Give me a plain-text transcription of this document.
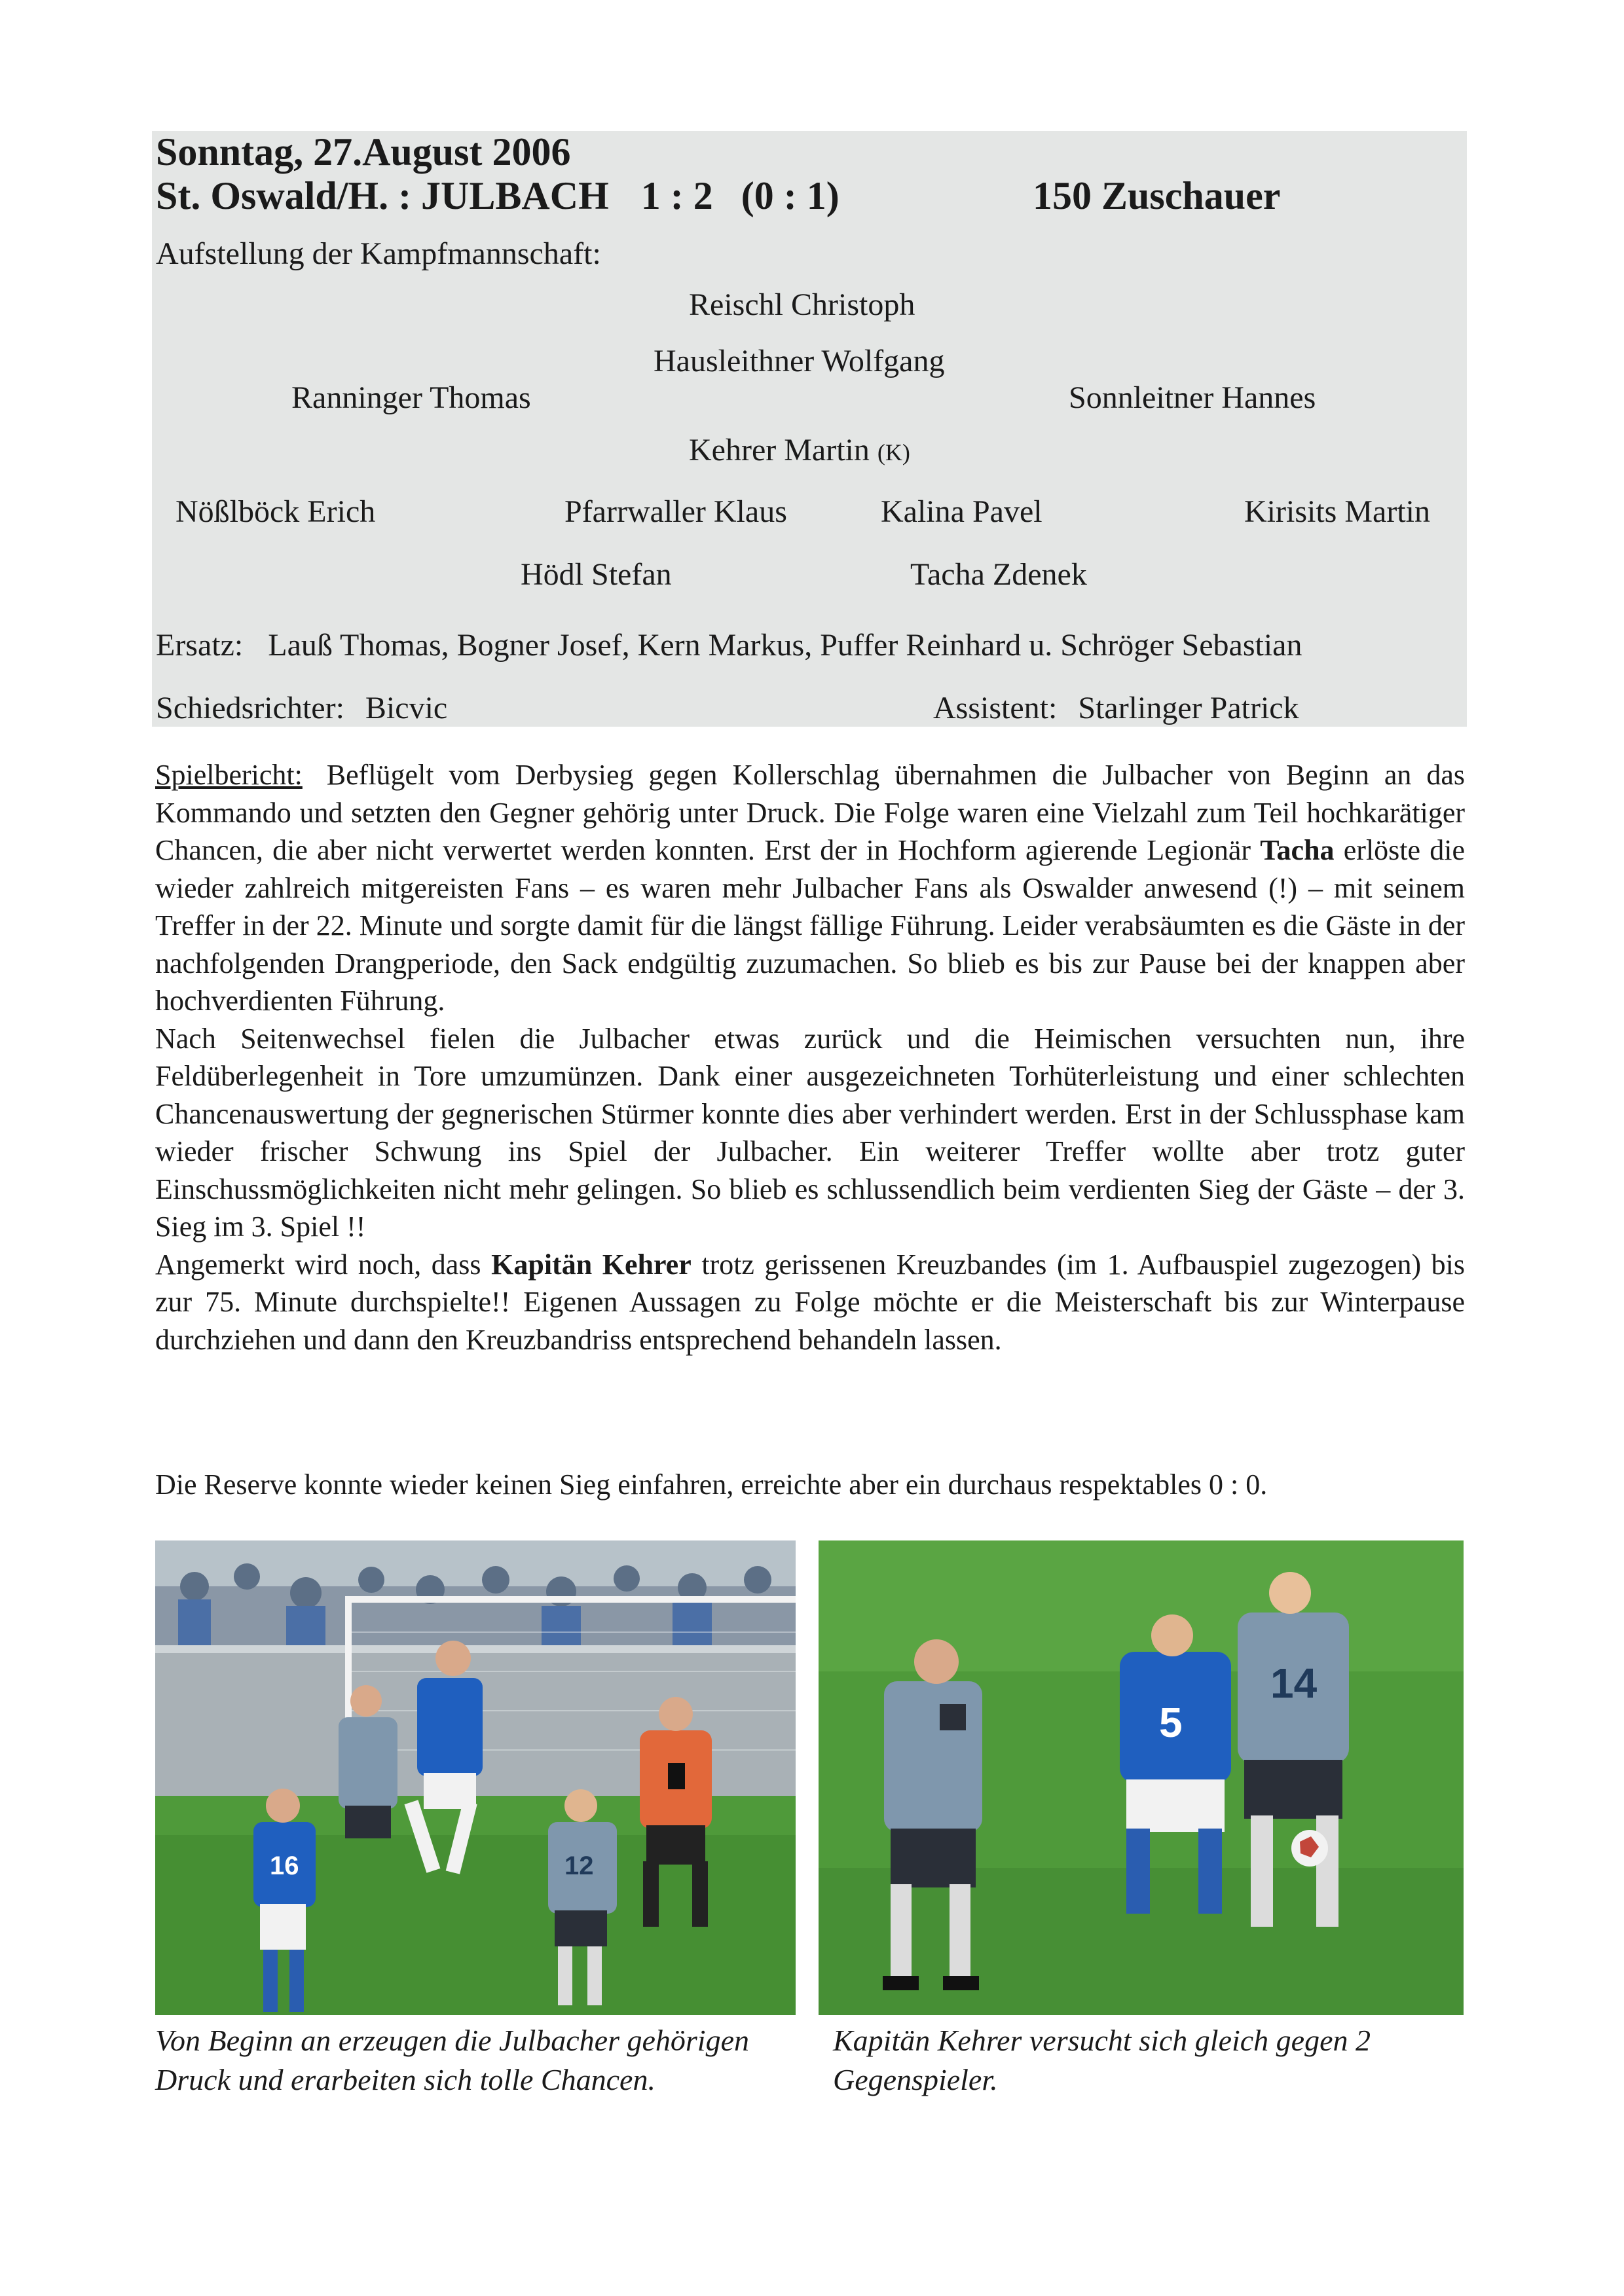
Sonntag, 27.August 2006
St. Oswald/H. : JULBACH 1 : 2 (0 : 1)	150 Zuschauer
Aufstellung der Kampfmannschaft:
Reischl Christoph
Hausleithner Wolfgang
Ranninger Thomas	Sonnleitner Hannes
Kehrer Martin (K)
Nößlböck Erich	Pfarrwaller Klaus	Kalina Pavel	Kirisits Martin
Hödl Stefan	Tacha Zdenek
Ersatz: Lauß Thomas, Bogner Josef, Kern Markus, Puffer Reinhard u. Schröger Sebastian
Schiedsrichter: Bicvic	Assistent: Starlinger Patrick

Spielbericht: Beflügelt vom Derbysieg gegen Kollerschlag übernahmen die Julbacher von Beginn an das Kommando und setzten den Gegner gehörig unter Druck. Die Folge waren eine Vielzahl zum Teil hochkarätiger Chancen, die aber nicht verwertet werden konnten. Erst der in Hochform agierende Legionär Tacha erlöste die wieder zahlreich mitgereisten Fans – es waren mehr Julbacher Fans als Oswalder anwesend (!) – mit seinem Treffer in der 22. Minute und sorgte damit für die längst fällige Führung. Leider verabsäumten es die Gäste in der nachfolgenden Drangperiode, den Sack endgültig zuzumachen. So blieb es bis zur Pause bei der knappen aber hochverdienten Führung.

Nach Seitenwechsel fielen die Julbacher etwas zurück und die Heimischen versuchten nun, ihre Feldüberlegenheit in Tore umzumünzen. Dank einer ausgezeichneten Torhüterleistung und einer schlechten Chancenauswertung der gegnerischen Stürmer konnte dies aber verhindert werden. Erst in der Schlussphase kam wieder frischer Schwung ins Spiel der Julbacher. Ein weiterer Treffer wollte aber trotz guter Einschussmöglichkeiten nicht mehr gelingen. So blieb es schlussendlich beim verdienten Sieg der Gäste – der 3. Sieg im 3. Spiel !!

Angemerkt wird noch, dass Kapitän Kehrer trotz gerissenen Kreuzbandes (im 1. Aufbauspiel zugezogen) bis zur 75. Minute durchspielte!! Eigenen Aussagen zu Folge möchte er die Meisterschaft bis zur Winterpause durchziehen und dann den Kreuzbandriss entsprechend behandeln lassen.

Die Reserve konnte wieder keinen Sieg einfahren, erreichte aber ein durchaus respektables 0 : 0.
16	12
5
14
Von Beginn an erzeugen die Julbacher gehörigen Druck und erarbeiten sich tolle Chancen.
Kapitän Kehrer versucht sich gleich gegen 2 Gegenspieler.
